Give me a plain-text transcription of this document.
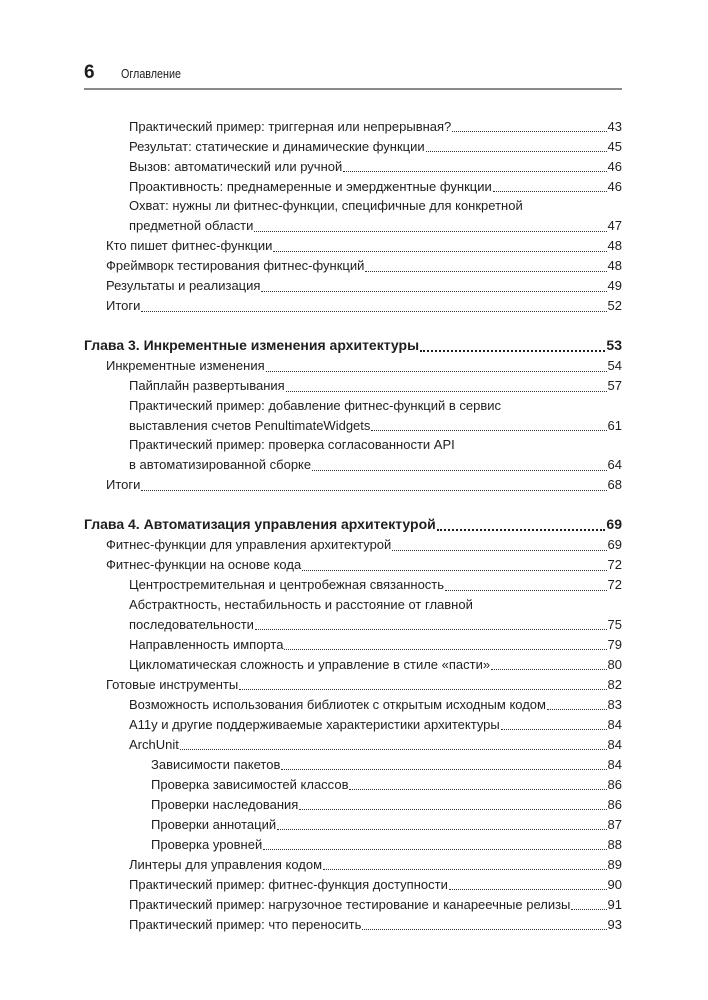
6 Оглавление
Практический пример: триггерная или непрерывная?	43
Результат: статические и динамические функции	45
Вызов: автоматический или ручной	46
Проактивность: преднамеренные и эмерджентные функции	46
Охват: нужны ли фитнес-функции, специфичные для конкретной
предметной области	47
Кто пишет фитнес-функции	48
Фреймворк тестирования фитнес-функций	48
Результаты и реализация	49
Итоги	52
Глава 3. Инкрементные изменения архитектуры	53
Инкрементные изменения	54
Пайплайн развертывания	57
Практический пример: добавление фитнес-функций в сервис
выставления счетов PenultimateWidgets	61
Практический пример: проверка согласованности API
в автоматизированной сборке	64
Итоги	68
Глава 4. Автоматизация управления архитектурой	69
Фитнес-функции для управления архитектурой	69
Фитнес-функции на основе кода	72
Центростремительная и центробежная связанность	72
Абстрактность, нестабильность и расстояние от главной
последовательности	75
Направленность импорта	79
Цикломатическая сложность и управление в стиле «пасти»	80
Готовые инструменты	82
Возможность использования библиотек с открытым исходным кодом	83
A11y и другие поддерживаемые характеристики архитектуры	84
ArchUnit	84
Зависимости пакетов	84
Проверка зависимостей классов	86
Проверки наследования	86
Проверки аннотаций	87
Проверка уровней	88
Линтеры для управления кодом	89
Практический пример: фитнес-функция доступности	90
Практический пример: нагрузочное тестирование и канареечные релизы	91
Практический пример: что переносить	93
